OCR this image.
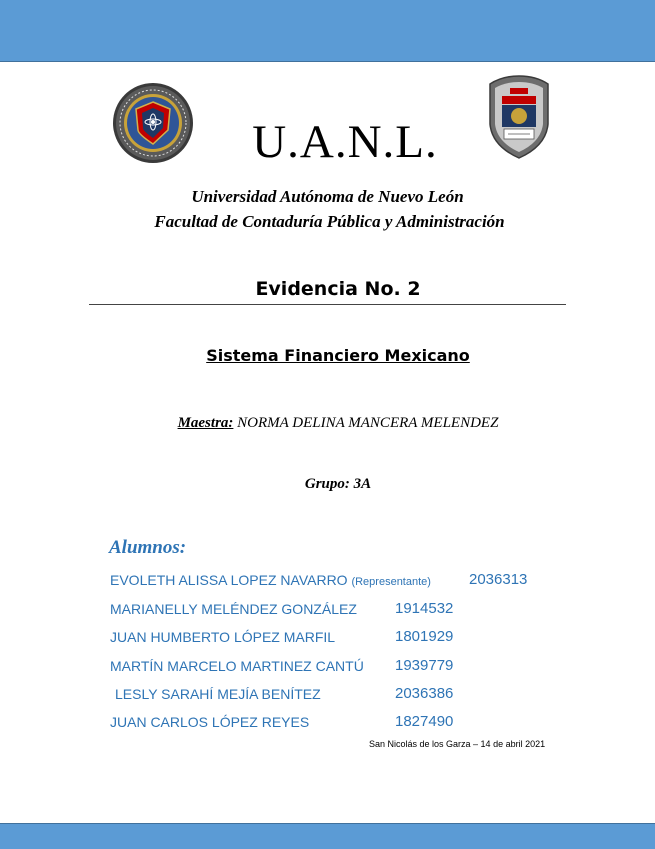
U.A.N.L.
Universidad Autónoma de Nuevo León
Facultad de Contaduría Pública y Administración
Evidencia No. 2
Sistema Financiero Mexicano
Maestra: NORMA DELINA MANCERA MELENDEZ
Grupo: 3A
Alumnos:
EVOLETH ALISSA LOPEZ NAVARRO (Representante)	2036313
MARIANELLY MELÉNDEZ GONZÁLEZ	1914532
JUAN HUMBERTO LÓPEZ MARFIL	1801929
MARTÍN MARCELO MARTINEZ CANTÚ 1939779
LESLY SARAHÍ MEJÍA BENÍTEZ	2036386
JUAN CARLOS LÓPEZ REYES	1827490
San Nicolás de los Garza – 14 de abril 2021
